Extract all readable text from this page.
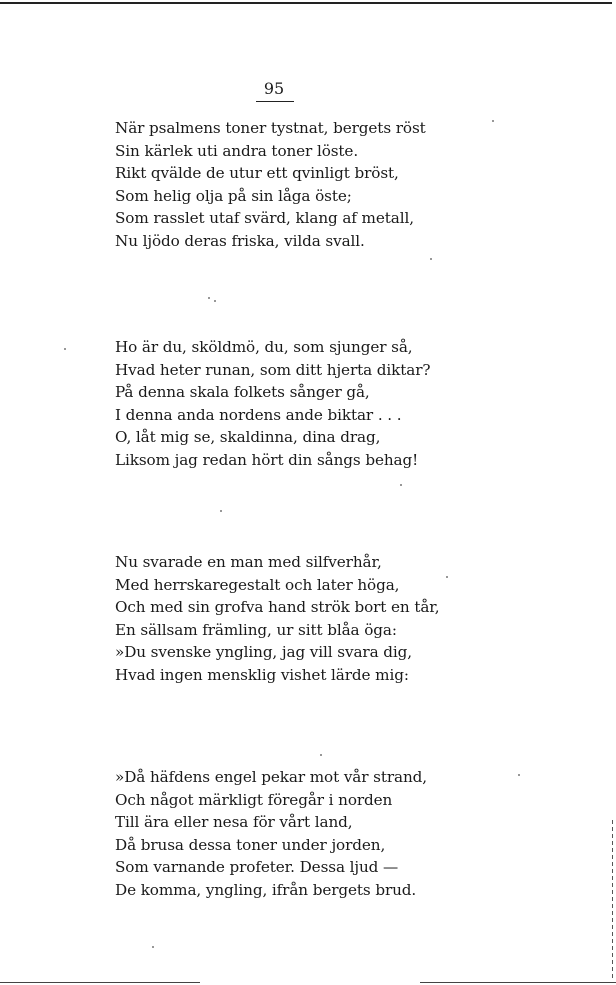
95
När psalmens toner tystnat, bergets röst
Sin kärlek uti andra toner löste.
Rikt qvälde de utur ett qvinligt bröst,
Som helig olja på sin låga öste;
Som rasslet utaf svärd, klang af metall,
Nu ljödo deras friska, vilda svall.
Ho är du, sköldmö, du, som sjunger så,
Hvad heter runan, som ditt hjerta diktar?
På denna skala folkets sånger gå,
I denna anda nordens ande biktar . . .
O, låt mig se, skaldinna, dina drag,
Liksom jag redan hört din sångs behag!
Nu svarade en man med silfverhår,
Med herrskaregestalt och later höga,
Och med sin grofva hand strök bort en tår,
En sällsam främling, ur sitt blåa öga:
»Du svenske yngling, jag vill svara dig,
Hvad ingen mensklig vishet lärde mig:
»Då häfdens engel pekar mot vår strand,
Och något märkligt föregår i norden
Till ära eller nesa för vårt land,
Då brusa dessa toner under jorden,
Som varnande profeter. Dessa ljud —
De komma, yngling, ifrån bergets brud.
